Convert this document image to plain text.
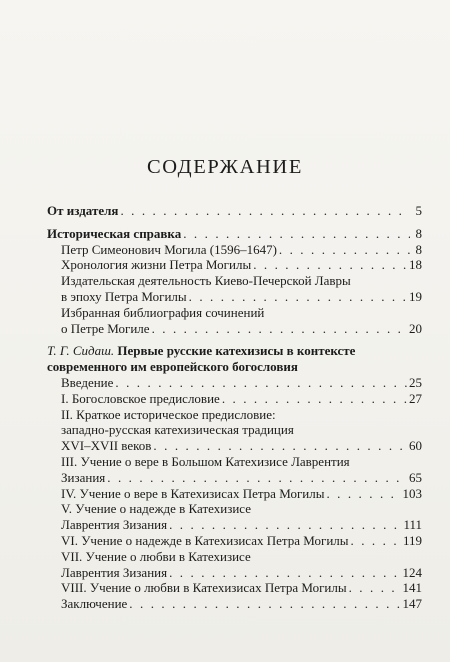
СОДЕРЖАНИЕ
От издателя . . .	5
Историческая справка . . .	8
Петр Симеонович Могила (1596–1647) . . .	8
Хронология жизни Петра Могилы . . .	18
Издательская деятельность Киево-Печерской Лавры
в эпоху Петра Могилы . . .	19
Избранная библиография сочинений
о Петре Могиле . . .	20
Т. Г. Сидаш. Первые русские катехизисы в контексте
современного им европейского богословия
Введение . . .	25
I. Богословское предисловие . . .	27
II. Краткое историческое предисловие:
западно-русская катехизическая традиция
XVI–XVII веков . . .	60
III. Учение о вере в Большом Катехизисе Лаврентия
Зизания . . .	65
IV. Учение о вере в Катехизисах Петра Могилы . . .	103
V. Учение о надежде в Катехизисе
Лаврентия Зизания . . .	111
VI. Учение о надежде в Катехизисах Петра Могилы . . .	119
VII. Учение о любви в Катехизисе
Лаврентия Зизания . . .	124
VIII. Учение о любви в Катехизисах Петра Могилы . . .	141
Заключение . . .	147
